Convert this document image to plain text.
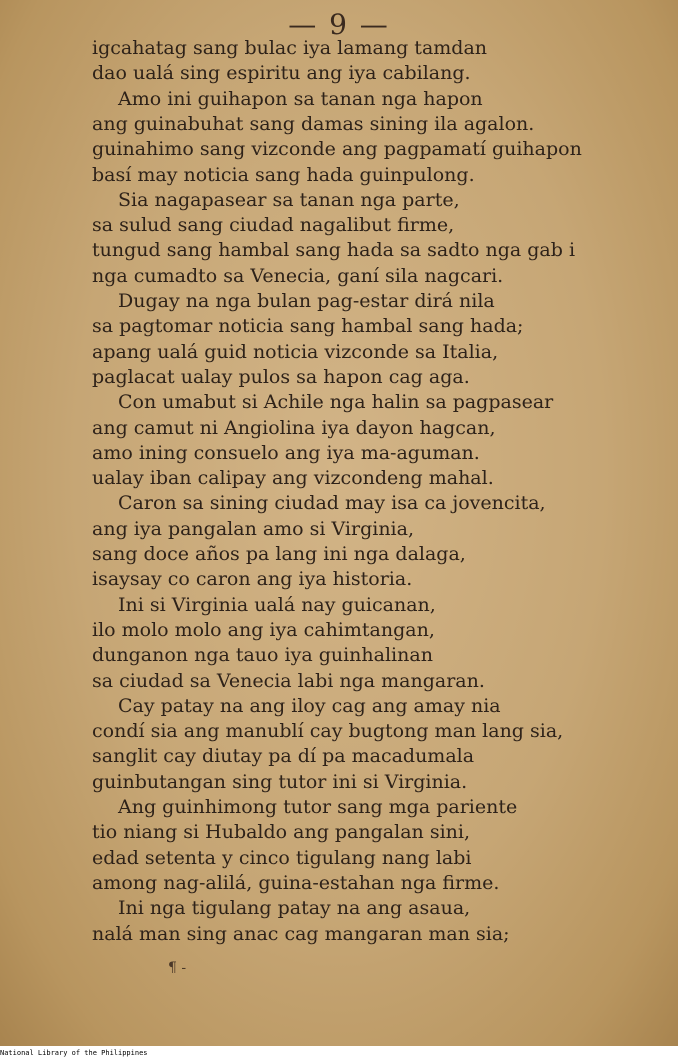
— 9 —
igcahatag sang bulac iya lamang tamdan
dao ualá sing espiritu ang iya cabilang.
Amo ini guihapon sa tanan nga hapon
ang guinabuhat sang damas sining ila agalon.
guinahimo sang vizconde ang pagpamatí guihapon
basí may noticia sang hada guinpulong.
Sia nagapasear sa tanan nga parte,
sa sulud sang ciudad nagalibut firme,
tungud sang hambal sang hada sa sadto nga gab i
nga cumadto sa Venecia, ganí sila nagcari.
Dugay na nga bulan pag-estar dirá nila
sa pagtomar noticia sang hambal sang hada;
apang ualá guid noticia vizconde sa Italia,
paglacat ualay pulos sa hapon cag aga.
Con umabut si Achile nga halin sa pagpasear
ang camut ni Angiolina iya dayon hagcan,
amo ining consuelo ang iya ma-aguman.
ualay iban calipay ang vizcondeng mahal.
Caron sa sining ciudad may isa ca jovencita,
ang iya pangalan amo si Virginia,
sang doce años pa lang ini nga dalaga,
isaysay co caron ang iya historia.
Ini si Virginia ualá nay guicanan,
ilo molo molo ang iya cahimtangan,
dunganon nga tauo iya guinhalinan
sa ciudad sa Venecia labi nga mangaran.
Cay patay na ang iloy cag ang amay nia
condí sia ang manublí cay bugtong man lang sia,
sanglit cay diutay pa dí pa macadumala
guinbutangan sing tutor ini si Virginia.
Ang guinhimong tutor sang mga pariente
tio niang si Hubaldo ang pangalan sini,
edad setenta y cinco tigulang nang labi
among nag-alilá, guina-estahan nga firme.
Ini nga tigulang patay na ang asaua,
nalá man sing anac cag mangaran man sia;
¶ -
National Library of the Philippines
